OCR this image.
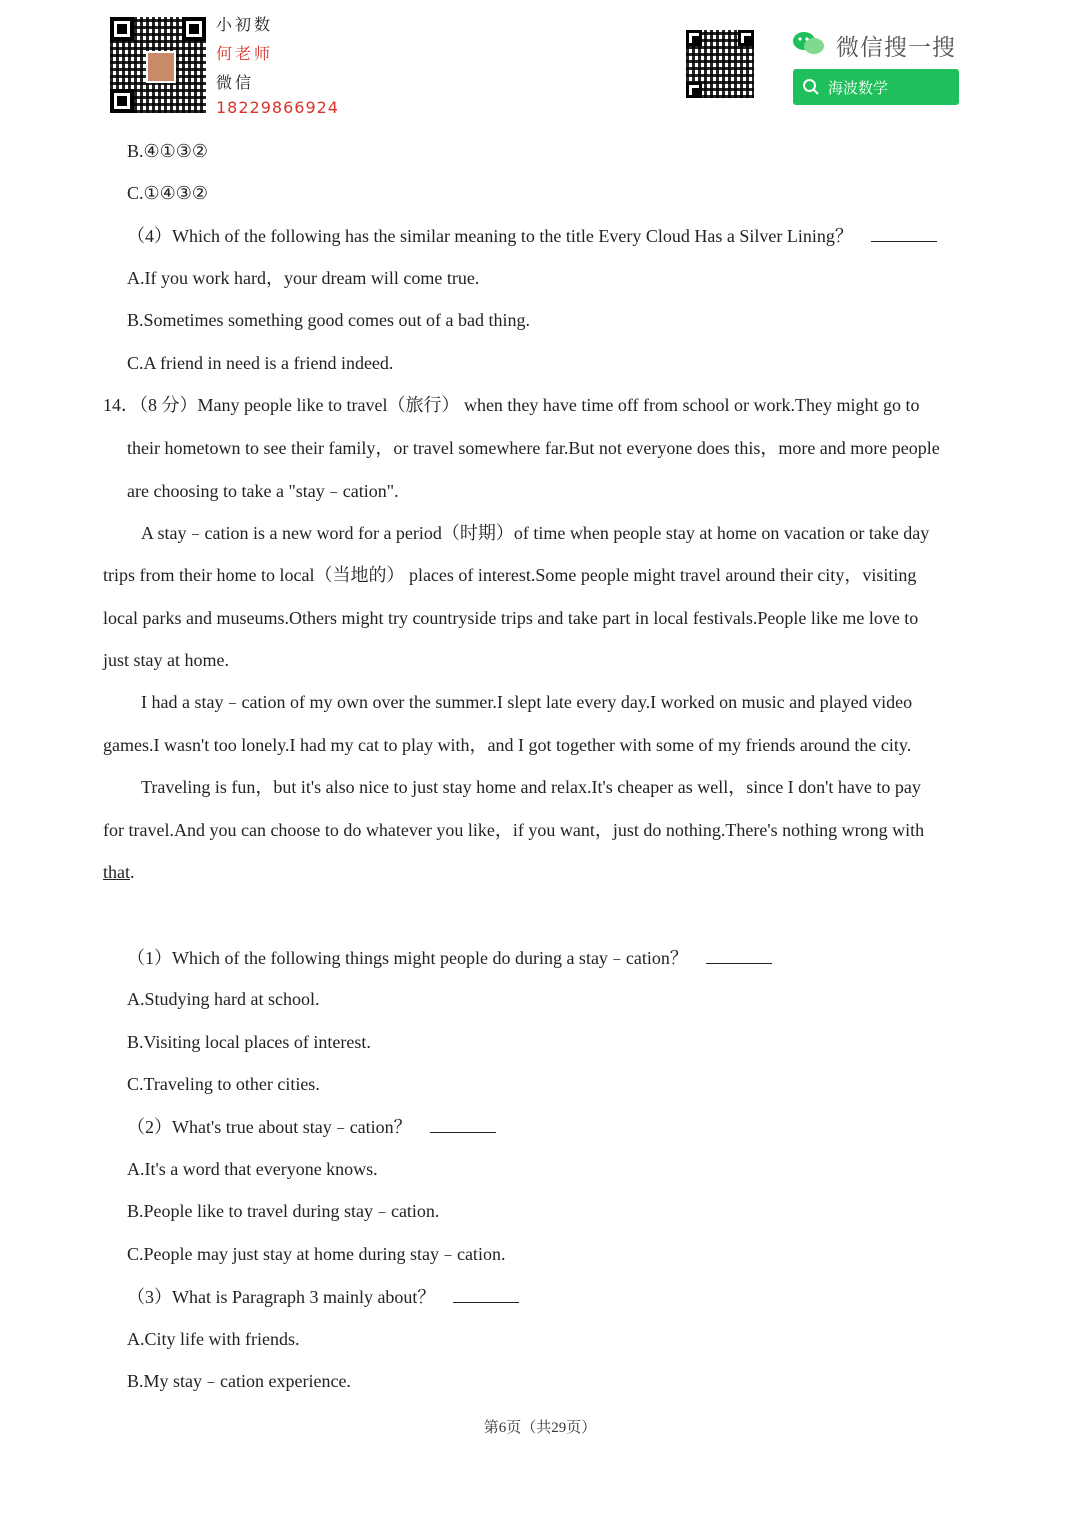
小初数
何老师
微信
18229866924
微信搜一搜
海波数学
B.④①③②
C.①④③②
（4）Which of the following has the similar meaning to the title Every Cloud Has a Silver Lining？
A.If you work hard，your dream will come true.
B.Sometimes something good comes out of a bad thing.
C.A friend in need is a friend indeed.
14．（8 分）Many people like to travel（旅行） when they have time off from school or work.They might go to
their hometown to see their family，or travel somewhere far.But not everyone does this，more and more people
are choosing to take a "stay﹣cation".
A stay﹣cation is a new word for a period（时期）of time when people stay at home on vacation or take day
trips from their home to local（当地的） places of interest.Some people might travel around their city，visiting
local parks and museums.Others might try countryside trips and take part in local festivals.People like me love to
just stay at home.
I had a stay﹣cation of my own over the summer.I slept late every day.I worked on music and played video
games.I wasn't too lonely.I had my cat to play with，and I got together with some of my friends around the city.
Traveling is fun，but it's also nice to just stay home and relax.It's cheaper as well，since I don't have to pay
for travel.And you can choose to do whatever you like，if you want，just do nothing.There's nothing wrong with
that.
（1）Which of the following things might people do during a stay﹣cation？
A.Studying hard at school.
B.Visiting local places of interest.
C.Traveling to other cities.
（2）What's true about stay﹣cation？
A.It's a word that everyone knows.
B.People like to travel during stay﹣cation.
C.People may just stay at home during stay﹣cation.
（3）What is Paragraph 3 mainly about？
A.City life with friends.
B.My stay﹣cation experience.
第6页（共29页）
